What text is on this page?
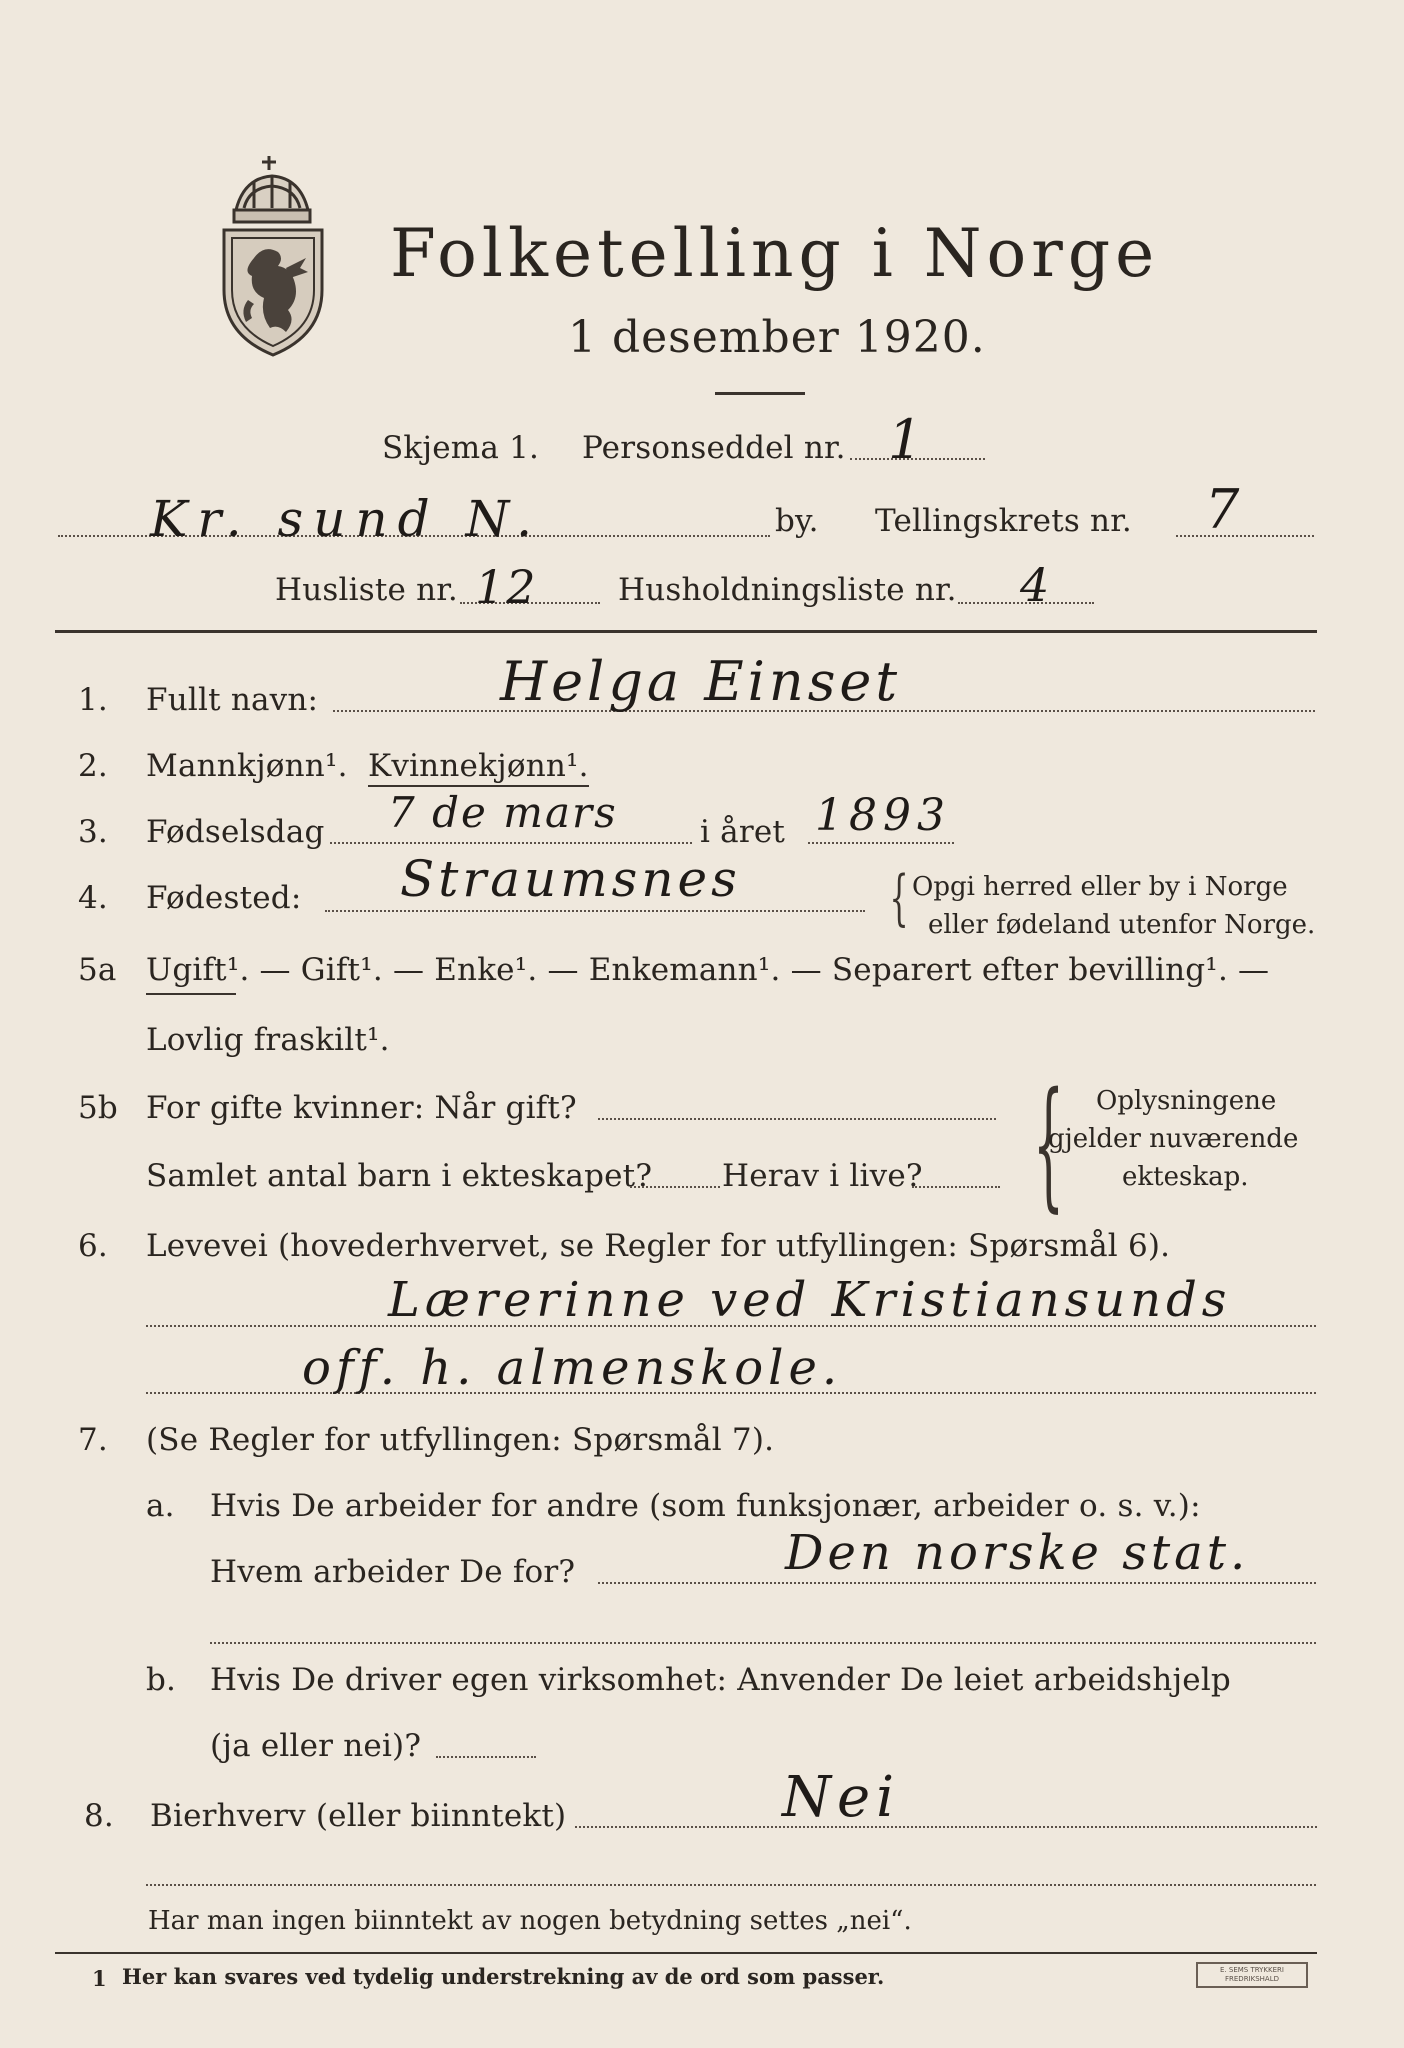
Folketelling i Norge
1 desember 1920.
Skjema 1. Personseddel nr. 1
Kr. sund N.	by. Tellingskrets nr. 7
Husliste nr. 12	Husholdningsliste nr. 4
1. Fullt navn:	Helga Einset
2. Mannkjønn¹. Kvinnekjønn¹.
3. Fødselsdag 7 de mars	i året 1893
4. Fødested: Straumsnes { Opgi herred eller by i Norge
eller fødeland utenfor Norge.
5a Ugift¹. — Gift¹. — Enke¹. — Enkemann¹. — Separert efter bevilling¹. —
Lovlig fraskilt¹.
5b For gifte kvinner: Når gift?
Samlet antal barn i ekteskapet? Herav i live? { Oplysningene
gjelder nuværende
ekteskap.
6. Levevei (hovederhvervet, se Regler for utfyllingen: Spørsmål 6).
Lærerinne ved Kristiansunds
off. h. almenskole.
7. (Se Regler for utfyllingen: Spørsmål 7).
a. Hvis De arbeider for andre (som funksjonær, arbeider o. s. v.):
Hvem arbeider De for?	Den norske stat.
b. Hvis De driver egen virksomhet: Anvender De leiet arbeidshjelp
(ja eller nei)?
8. Bierhverv (eller biinntekt)	Nei
Har man ingen biinntekt av nogen betydning settes „nei“.
1 Her kan svares ved tydelig understrekning av de ord som passer.	E. SEMS TRYKKERI FREDRIKSHALD
